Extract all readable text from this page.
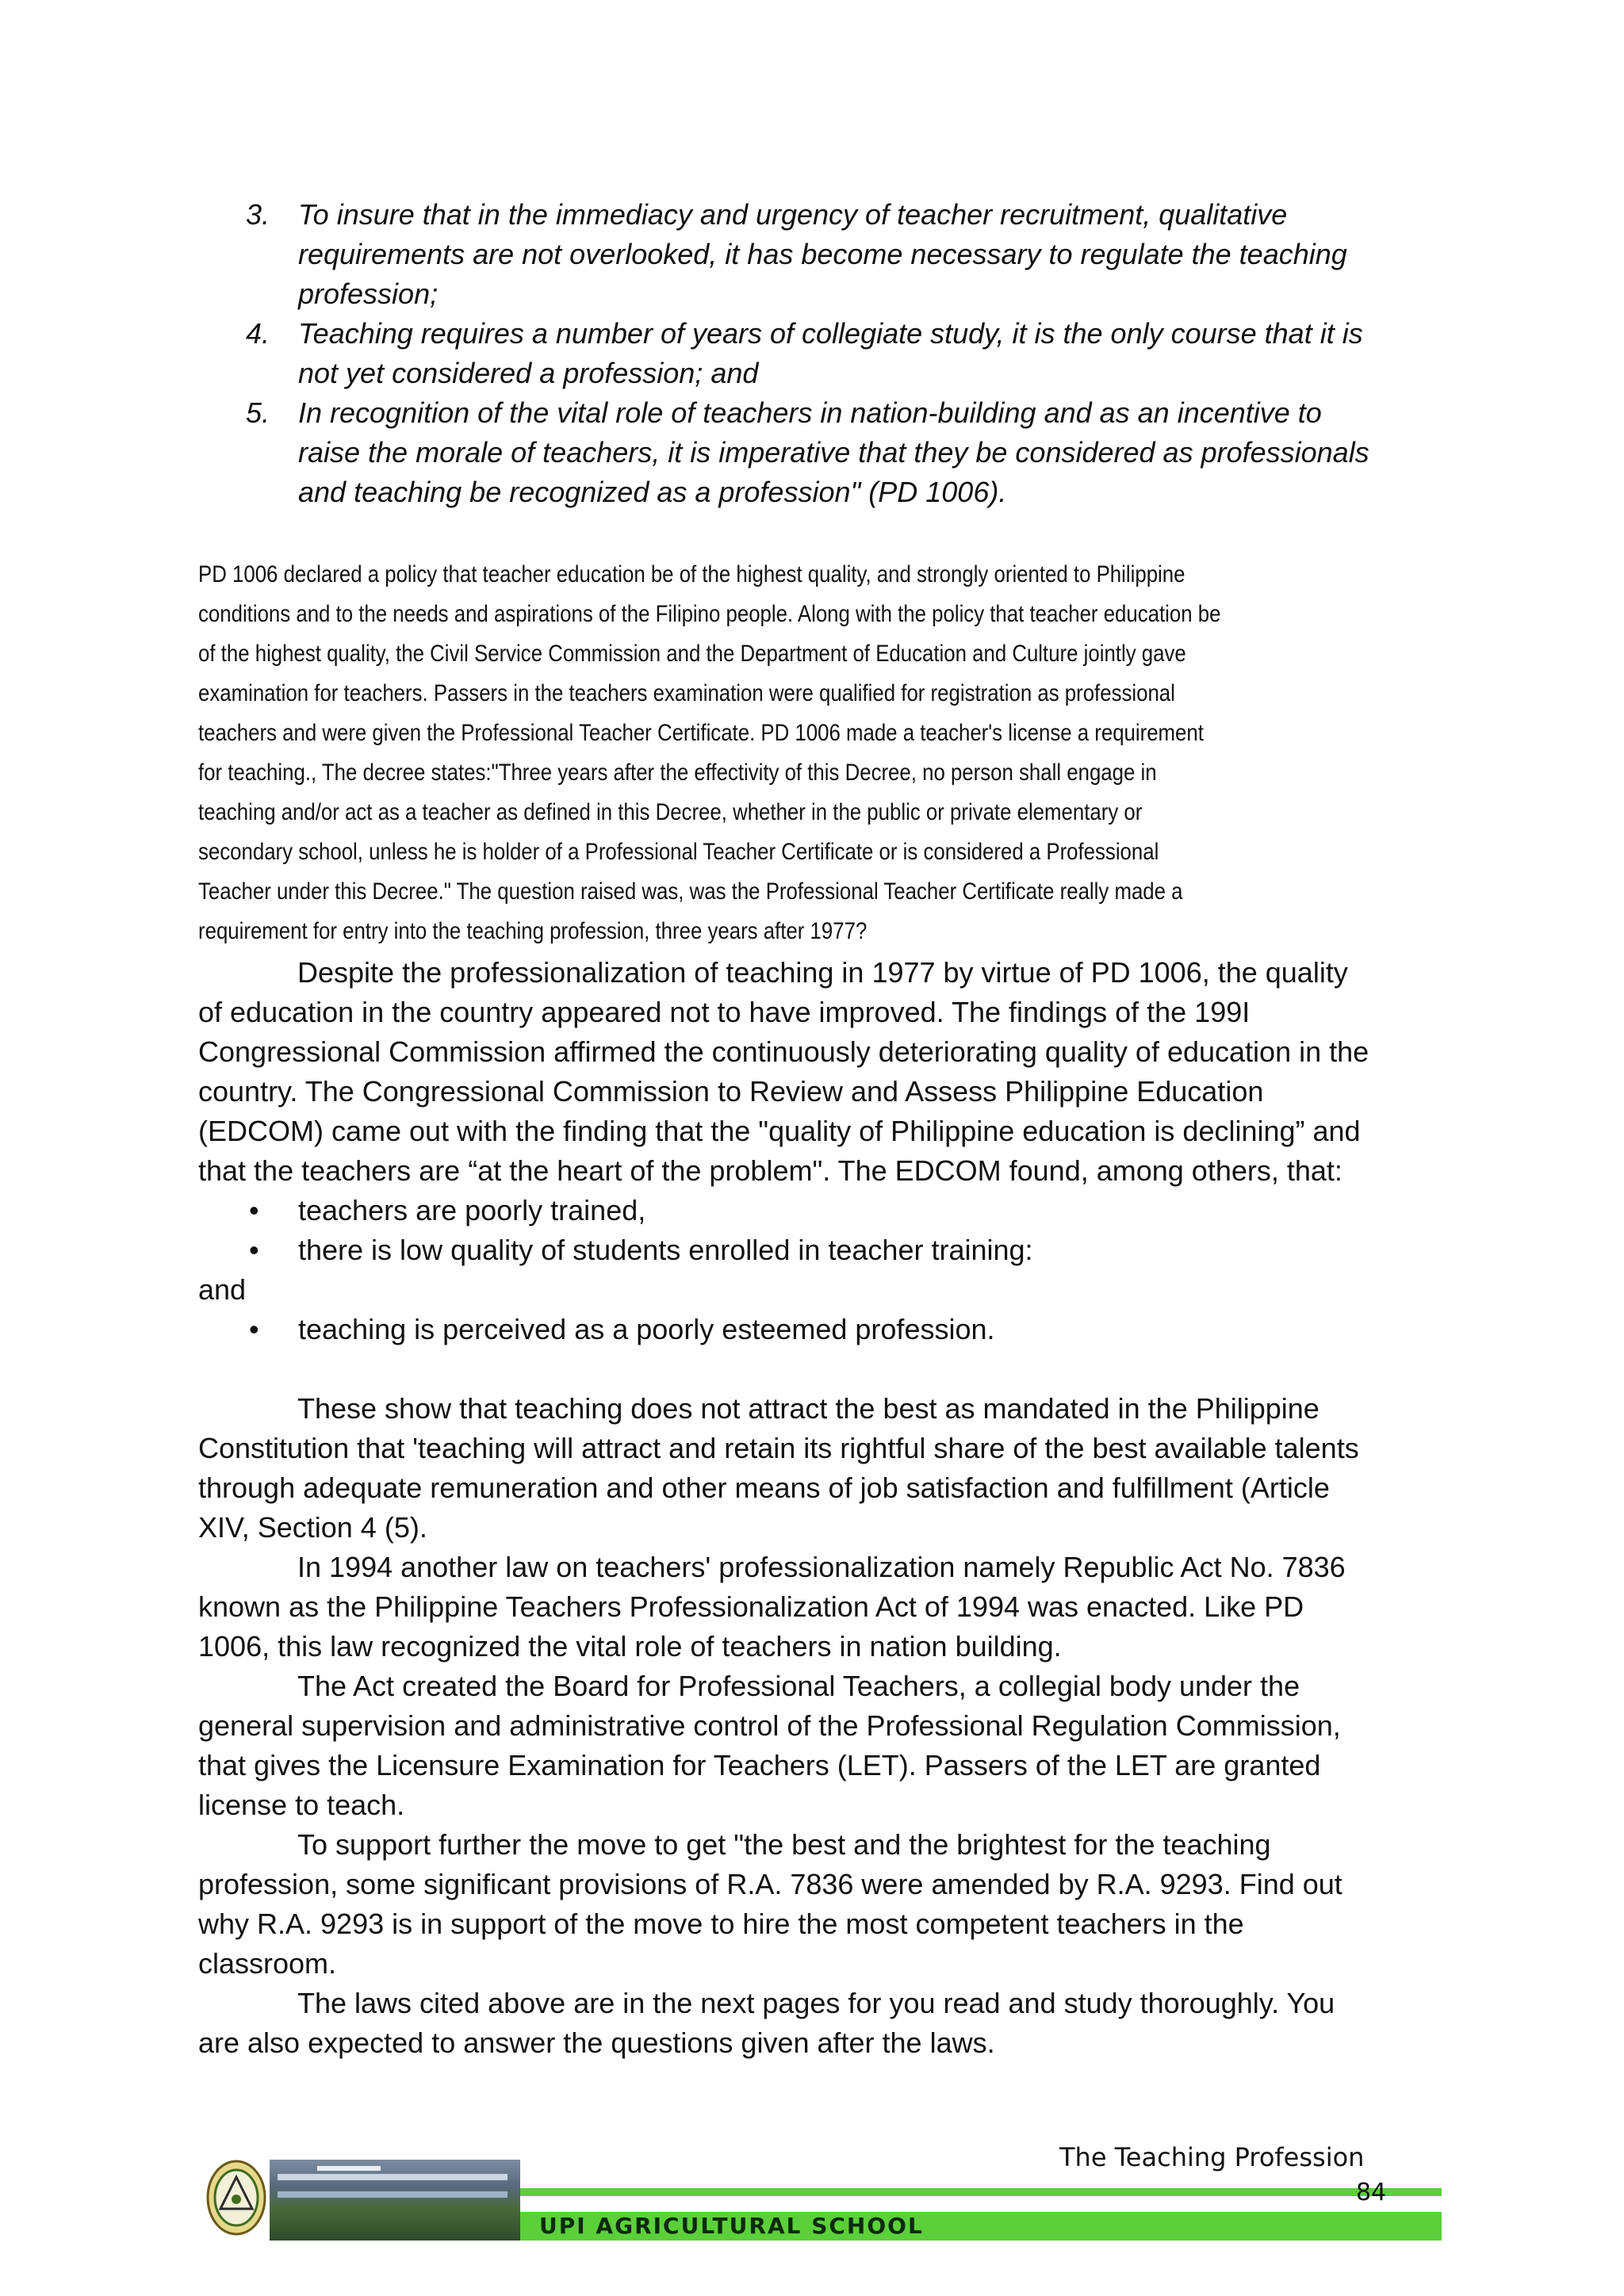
3. To insure that in the immediacy and urgency of teacher recruitment, qualitative
requirements are not overlooked, it has become necessary to regulate the teaching
profession;
4. Teaching requires a number of years of collegiate study, it is the only course that it is
not yet considered a profession; and
5. In recognition of the vital role of teachers in nation-building and as an incentive to
raise the morale of teachers, it is imperative that they be considered as professionals
and teaching be recognized as a profession" (PD 1006).
PD 1006 declared a policy that teacher education be of the highest quality, and strongly oriented to Philippine
conditions and to the needs and aspirations of the Filipino people. Along with the policy that teacher education be
of the highest quality, the Civil Service Commission and the Department of Education and Culture jointly gave
examination for teachers. Passers in the teachers examination were qualified for registration as professional
teachers and were given the Professional Teacher Certificate. PD 1006 made a teacher's license a requirement
for teaching., The decree states:"Three years after the effectivity of this Decree, no person shall engage in
teaching and/or act as a teacher as defined in this Decree, whether in the public or private elementary or
secondary school, unless he is holder of a Professional Teacher Certificate or is considered a Professional
Teacher under this Decree." The question raised was, was the Professional Teacher Certificate really made a
requirement for entry into the teaching profession, three years after 1977?
Despite the professionalization of teaching in 1977 by virtue of PD 1006, the quality
of education in the country appeared not to have improved. The findings of the 199I
Congressional Commission affirmed the continuously deteriorating quality of education in the
country. The Congressional Commission to Review and Assess Philippine Education
(EDCOM) came out with the finding that the "quality of Philippine education is declining” and
that the teachers are “at the heart of the problem". The EDCOM found, among others, that:
• teachers are poorly trained,
• there is low quality of students enrolled in teacher training:
and
• teaching is perceived as a poorly esteemed profession.
These show that teaching does not attract the best as mandated in the Philippine
Constitution that 'teaching will attract and retain its rightful share of the best available talents
through adequate remuneration and other means of job satisfaction and fulfillment (Article
XIV, Section 4 (5).
In 1994 another law on teachers' professionalization namely Republic Act No. 7836
known as the Philippine Teachers Professionalization Act of 1994 was enacted. Like PD
1006, this law recognized the vital role of teachers in nation building.
The Act created the Board for Professional Teachers, a collegial body under the
general supervision and administrative control of the Professional Regulation Commission,
that gives the Licensure Examination for Teachers (LET). Passers of the LET are granted
license to teach.
To support further the move to get "the best and the brightest for the teaching
profession, some significant provisions of R.A. 7836 were amended by R.A. 9293. Find out
why R.A. 9293 is in support of the move to hire the most competent teachers in the
classroom.
The laws cited above are in the next pages for you read and study thoroughly. You
are also expected to answer the questions given after the laws.
The Teaching Profession
UPI AGRICULTURAL SCHOOL
84
